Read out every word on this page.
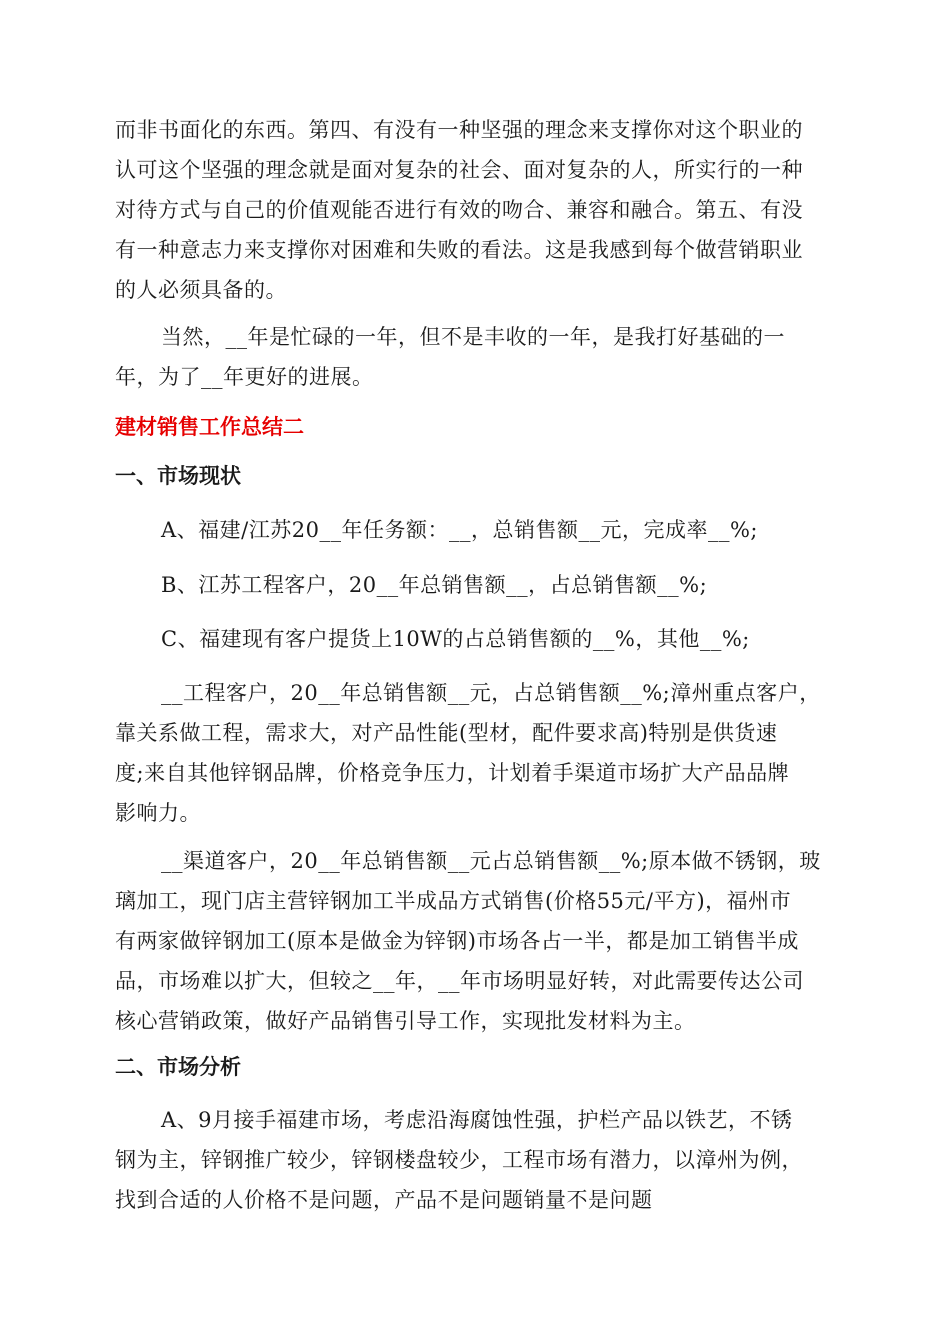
而非书面化的东西。第四、有没有一种坚强的理念来支撑你对这个职业的
认可这个坚强的理念就是面对复杂的社会、面对复杂的人，所实行的一种
对待方式与自己的价值观能否进行有效的吻合、兼容和融合。第五、有没
有一种意志力来支撑你对困难和失败的看法。这是我感到每个做营销职业
的人必须具备的。
当然，__年是忙碌的一年，但不是丰收的一年，是我打好基础的一
年，为了__年更好的进展。
建材销售工作总结二
一、市场现状
A、福建/江苏20__年任务额：__，总销售额__元，完成率__%;
B、江苏工程客户，20__年总销售额__，占总销售额__%;
C、福建现有客户提货上10W的占总销售额的__%，其他__%;
__工程客户，20__年总销售额__元，占总销售额__%;漳州重点客户，
靠关系做工程，需求大，对产品性能(型材，配件要求高)特别是供货速
度;来自其他锌钢品牌，价格竞争压力，计划着手渠道市场扩大产品品牌
影响力。
__渠道客户，20__年总销售额__元占总销售额__%;原本做不锈钢，玻
璃加工，现门店主营锌钢加工半成品方式销售(价格55元/平方)，福州市
有两家做锌钢加工(原本是做金为锌钢)市场各占一半，都是加工销售半成
品，市场难以扩大，但较之__年，__年市场明显好转，对此需要传达公司
核心营销政策，做好产品销售引导工作，实现批发材料为主。
二、市场分析
A、9月接手福建市场，考虑沿海腐蚀性强，护栏产品以铁艺，不锈
钢为主，锌钢推广较少，锌钢楼盘较少，工程市场有潜力，以漳州为例，
找到合适的人价格不是问题，产品不是问题销量不是问题
